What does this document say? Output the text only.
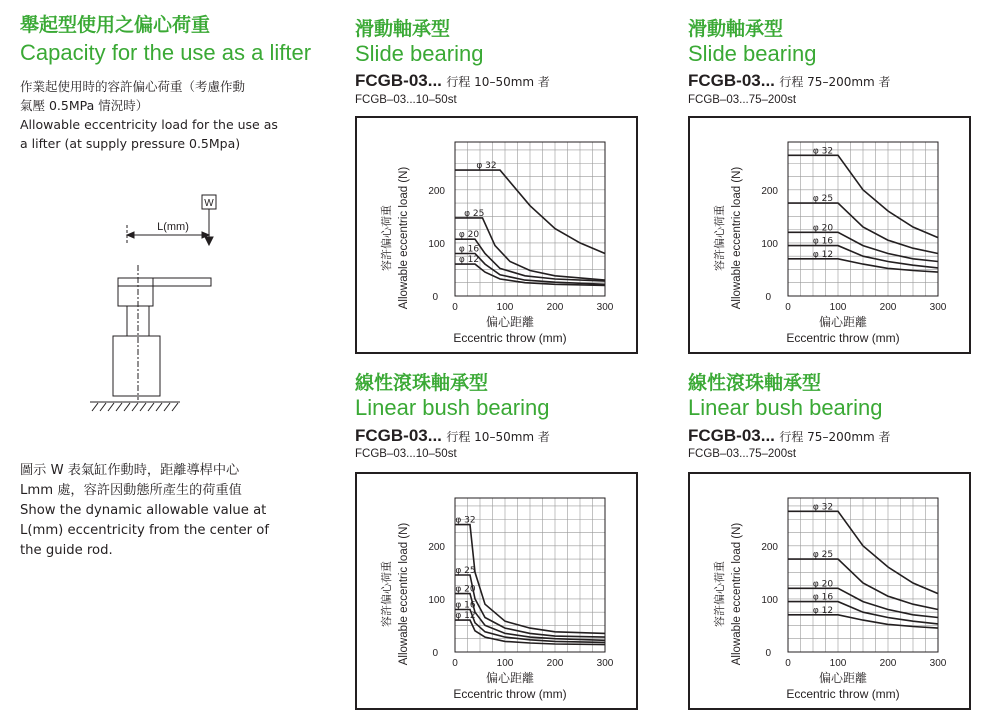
舉起型使用之偏心荷重
Capacity for the use as a lifter
作業起使用時的容許偏心荷重（考慮作動
氣壓 0.5MPa 情況時）
Allowable eccentricity load for the use as
a lifter (at supply pressure 0.5Mpa)
W
L(mm)
圖示 W 表氣缸作動時，距離導桿中心
Lmm 處，容許因動態所產生的荷重值
Show the dynamic allowable value at
L(mm) eccentricity from the center of
the guide rod.
滑動軸承型
Slide bearing
FCGB-03... 行程 10–50mm 者
FCGB–03...10–50st
滑動軸承型
Slide bearing
FCGB-03... 行程 75–200mm 者
FCGB–03...75–200st
線性滾珠軸承型
Linear bush bearing
FCGB-03... 行程 10–50mm 者
FCGB–03...10–50st
線性滾珠軸承型
Linear bush bearing
FCGB-03... 行程 75–200mm 者
FCGB–03...75–200st
0	100	200	300
100
200
0
φ 32
φ 25
φ 20
φ 16
φ 12
容許偏心荷重 Allowable eccentric load (N)
偏心距離
Eccentric throw (mm)
0	100	200	300
100
200
0
φ 32
φ 25
φ 20
φ 16
φ 12
容許偏心荷重 Allowable eccentric load (N)
偏心距離
Eccentric throw (mm)
0	100	200	300
100
200
0
φ 32
φ 25
φ 20
φ 16
φ 12
容許偏心荷重 Allowable eccentric load (N)
偏心距離
Eccentric throw (mm)
0	100	200	300
100
200
0
φ 32
φ 25
φ 20
φ 16
φ 12
容許偏心荷重 Allowable eccentric load (N)
偏心距離
Eccentric throw (mm)
